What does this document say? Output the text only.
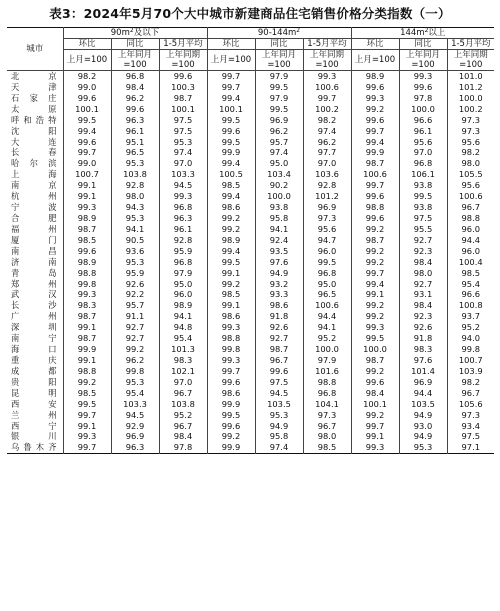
表3：2024年5月70个大中城市新建商品住宅销售价格分类指数（一）
城市	$90m^2$及以下			$90-144m^2$			$144m^2$以上		
	环比	同比	1-5月平均	环比	同比	1-5月平均	环比	同比	1-5月平均
	上月=100	上年同月=100	上年同期=100	上月=100	上年同月=100	上年同期=100	上月=100	上年同月=100	上年同期=100
北京	98.2	96.8	99.6	99.7	97.9	99.3	98.9	99.3	101.0
天津	99.0	98.4	100.3	99.7	99.5	100.6	99.6	99.6	101.2
石家庄	99.6	96.2	98.7	99.4	97.9	99.7	99.3	97.8	100.0
太原	100.1	99.6	100.1	100.1	99.5	100.2	99.2	100.0	100.2
呼和浩特	99.5	96.3	97.5	99.5	96.9	98.2	99.6	96.6	97.3
沈阳	99.4	96.1	97.5	99.6	96.2	97.4	99.7	96.1	97.3
大连	99.6	95.1	95.3	99.5	95.7	96.2	99.4	95.6	95.6
长春	99.7	96.5	97.4	99.9	97.4	97.7	99.9	97.0	98.2
哈尔滨	99.0	95.3	97.0	99.4	95.0	97.0	98.7	96.8	98.0
上海	100.7	103.8	103.3	100.5	103.4	103.6	100.6	106.1	105.5
南京	99.1	92.8	94.5	98.5	90.2	92.8	99.7	93.8	95.6
杭州	99.1	98.0	99.3	99.4	100.0	101.2	99.6	99.5	100.6
宁波	99.3	94.3	96.8	98.6	93.8	96.9	98.8	93.8	96.7
合肥	98.9	95.3	96.3	99.2	95.8	97.3	99.6	97.5	98.8
福州	98.7	94.1	96.1	99.2	94.1	95.6	99.2	95.5	96.0
厦门	98.5	90.5	92.8	98.9	92.4	94.7	98.7	92.7	94.4
南昌	99.6	93.6	95.9	99.4	93.5	96.0	99.2	92.3	96.0
济南	98.9	95.3	96.8	99.5	97.6	99.5	99.2	98.4	100.4
青岛	98.8	95.9	97.9	99.1	94.9	96.8	99.7	98.0	98.5
郑州	99.8	92.6	95.0	99.2	93.2	95.0	99.4	92.7	95.4
武汉	99.3	92.2	96.0	98.5	93.3	96.5	99.1	93.1	96.6
长沙	98.3	95.7	98.9	99.1	98.6	100.6	99.2	98.4	100.8
广州	98.7	91.1	94.1	98.6	91.8	94.4	99.2	92.3	93.7
深圳	99.1	92.7	94.8	99.3	92.6	94.1	99.3	92.6	95.2
南宁	98.7	92.7	95.4	98.8	92.7	95.2	99.5	91.8	94.0
海口	99.9	99.2	101.3	99.8	98.7	100.0	100.0	98.3	99.8
重庆	99.1	96.2	98.3	99.3	96.7	97.9	98.7	97.6	100.7
成都	98.8	99.8	102.1	99.7	99.6	101.6	99.2	101.4	103.9
贵阳	99.2	95.3	97.0	99.6	97.5	98.8	99.6	96.9	98.2
昆明	98.5	95.4	96.7	98.6	94.5	96.8	98.4	94.4	96.7
西安	99.5	103.3	103.8	99.9	103.5	104.1	100.1	103.5	105.6
兰州	99.7	94.5	95.2	99.5	95.3	97.3	99.2	94.9	97.3
西宁	99.1	92.9	96.7	99.6	94.9	96.7	99.7	93.0	93.4
银川	99.3	96.9	98.4	99.2	95.8	98.0	99.1	94.9	97.5
乌鲁木齐	99.7	96.3	97.8	99.9	97.4	98.5	99.3	95.3	97.1
